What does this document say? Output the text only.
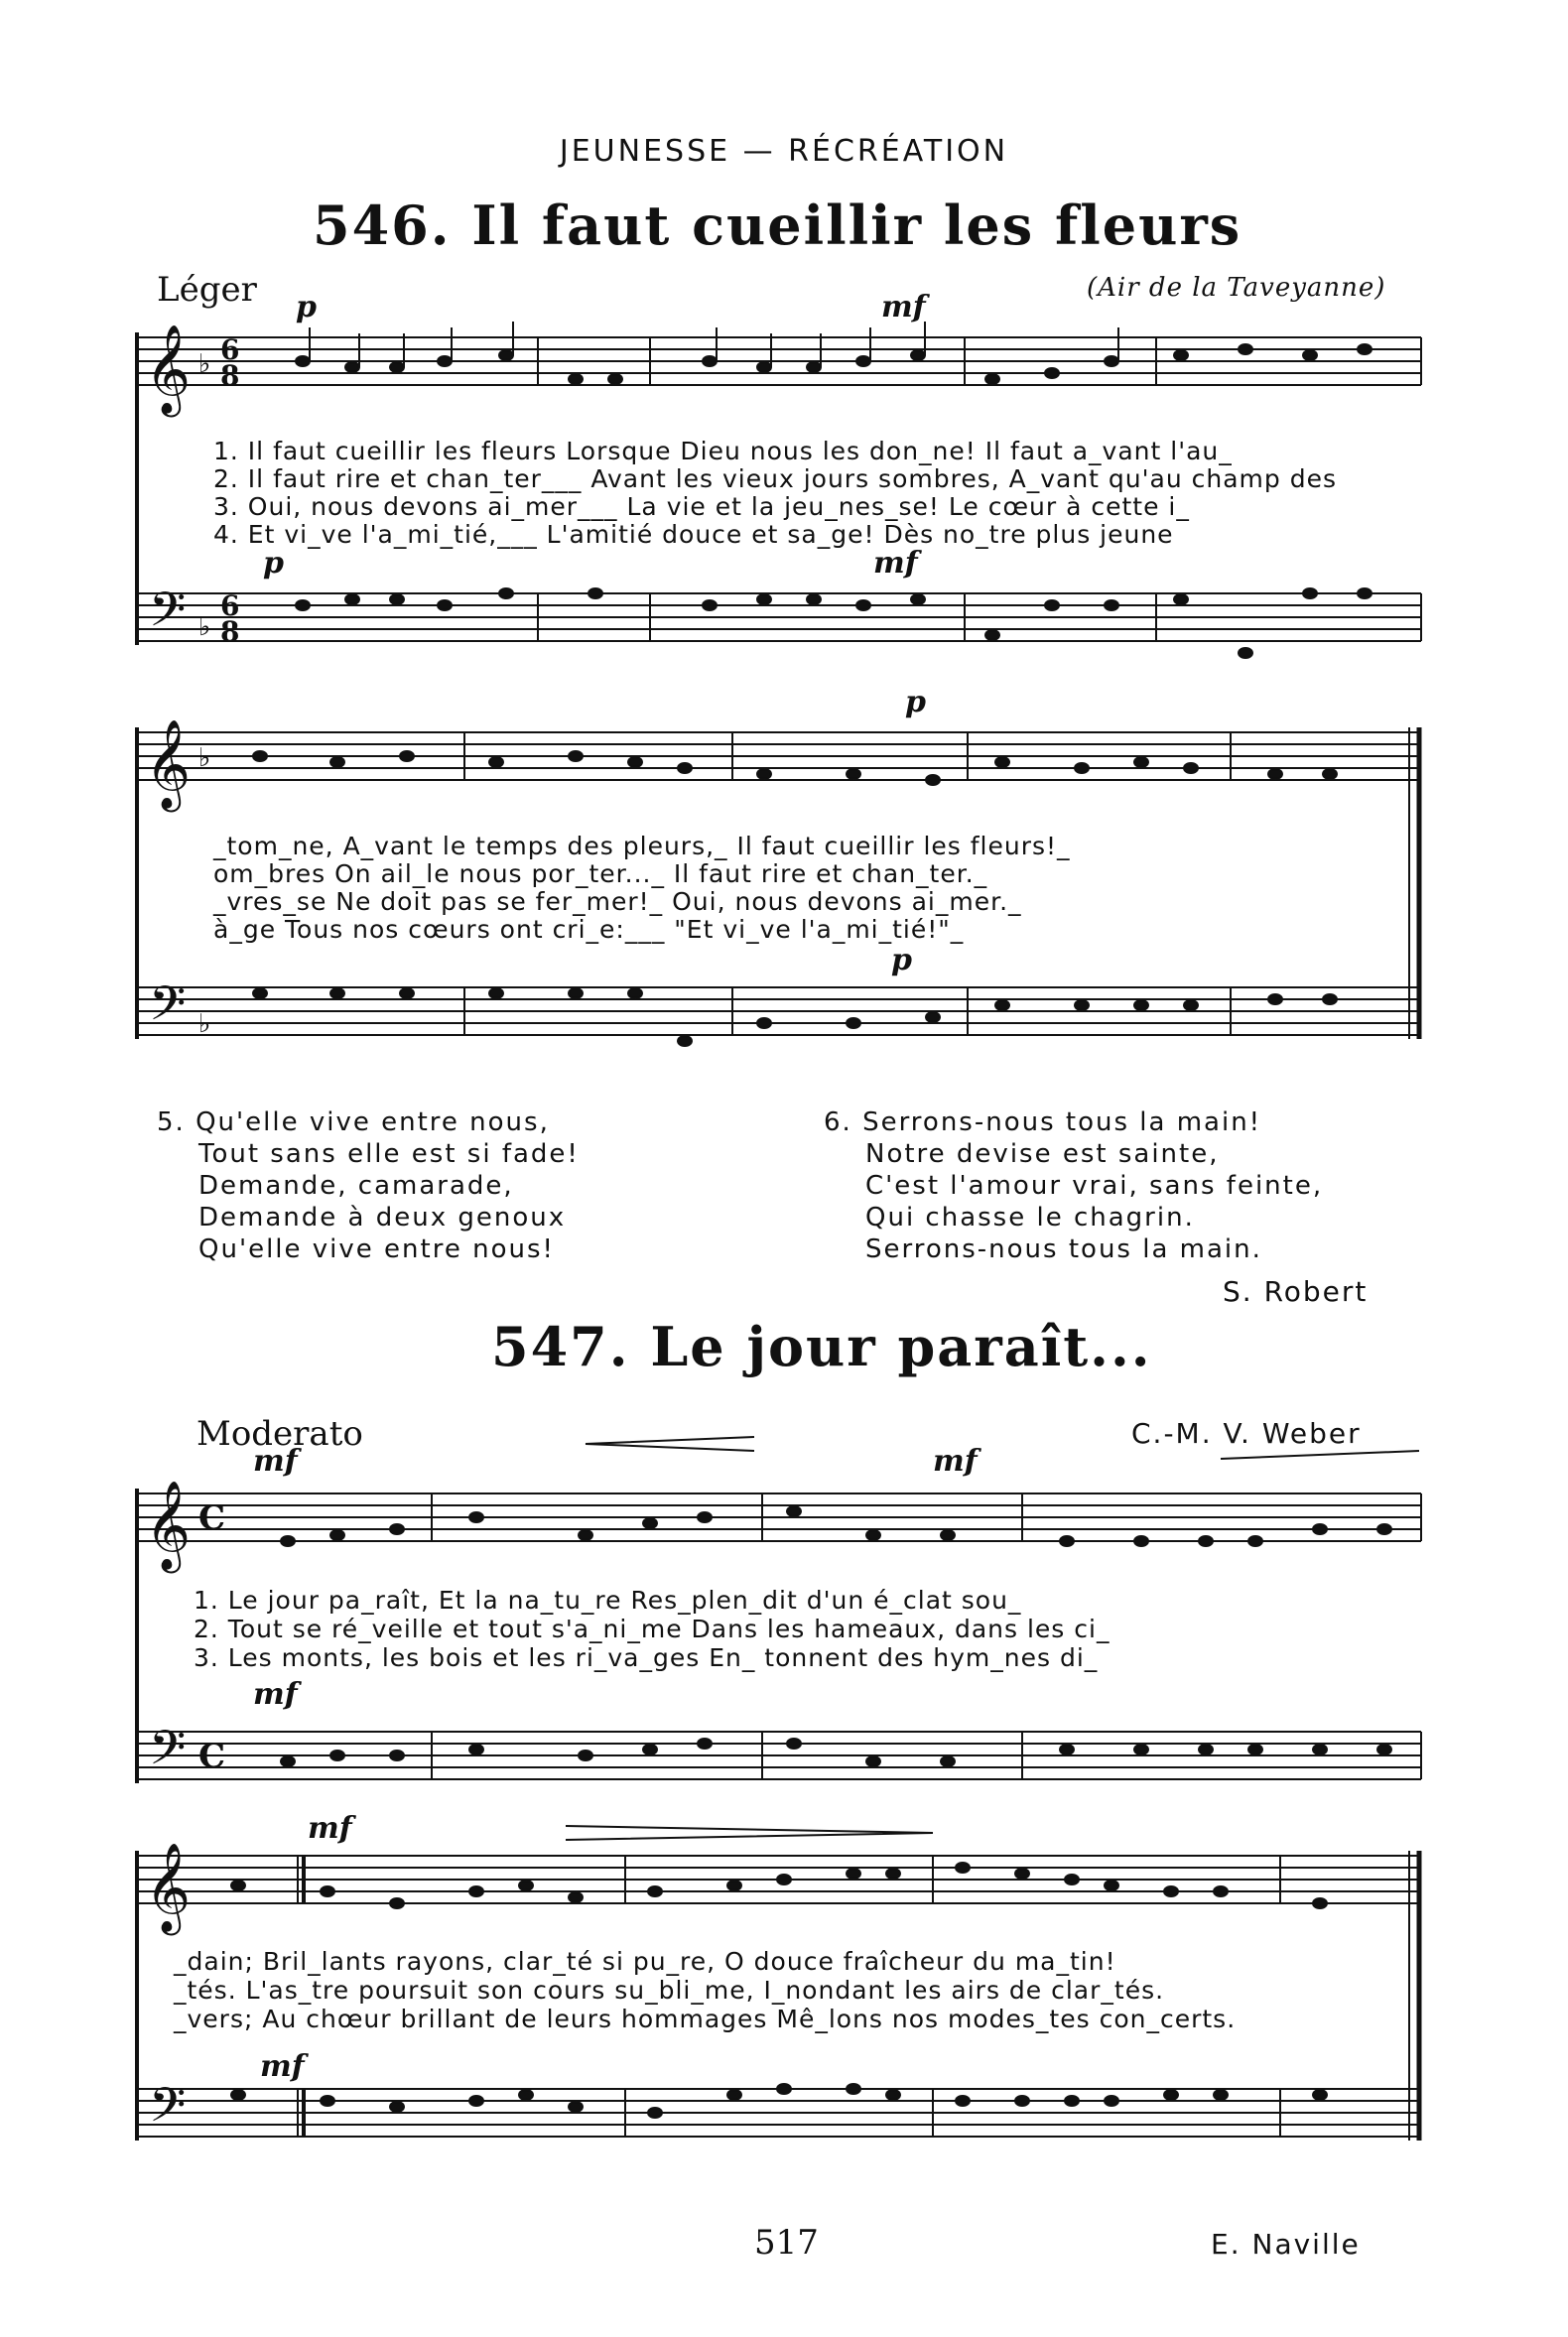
JEUNESSE — RÉCRÉATION
546. Il faut cueillir les fleurs
Léger	(Air de la Taveyanne)
𝄞
𝄢
𝄞
𝄢
𝄞
𝄢
𝄞
𝄢
♭
♭
♭
♭
6
8
6
8
C
C
p	mf
p	mf
p
p
1. Il faut cueillir les fleurs Lorsque Dieu nous les don_ne! Il faut a_vant l'au_
2. Il faut rire et chan_ter___ Avant les vieux jours sombres, A_vant qu'au champ des
3. Oui, nous devons ai_mer___ La vie et la jeu_nes_se! Le cœur à cette i_
4. Et vi_ve l'a_mi_tié,___ L'amitié douce et sa_ge! Dès no_tre plus jeune
_tom_ne, A_vant le temps des pleurs,_ Il faut cueillir les fleurs!_
om_bres On ail_le nous por_ter..._ Il faut rire et chan_ter._
_vres_se Ne doit pas se fer_mer!_ Oui, nous devons ai_mer._
à_ge Tous nos cœurs ont cri_e:___ "Et vi_ve l'a_mi_tié!"_
5. Qu'elle vive entre nous,
Tout sans elle est si fade!
Demande, camarade,
Demande à deux genoux
Qu'elle vive entre nous!
6. Serrons-nous tous la main!
Notre devise est sainte,
C'est l'amour vrai, sans feinte,
Qui chasse le chagrin.
Serrons-nous tous la main.
S. Robert
547. Le jour paraît...
Moderato	C.-M. V. Weber
mf	mf
mf
mf
mf
1. Le jour pa_raît, Et la na_tu_re Res_plen_dit d'un é_clat sou_
2. Tout se ré_veille et tout s'a_ni_me Dans les hameaux, dans les ci_
3. Les monts, les bois et les ri_va_ges En_ tonnent des hym_nes di_
_dain; Bril_lants rayons, clar_té si pu_re, O douce fraîcheur du ma_tin!
_tés. L'as_tre poursuit son cours su_bli_me, I_nondant les airs de clar_tés.
_vers; Au chœur brillant de leurs hommages Mê_lons nos modes_tes con_certs.
517	E. Naville
